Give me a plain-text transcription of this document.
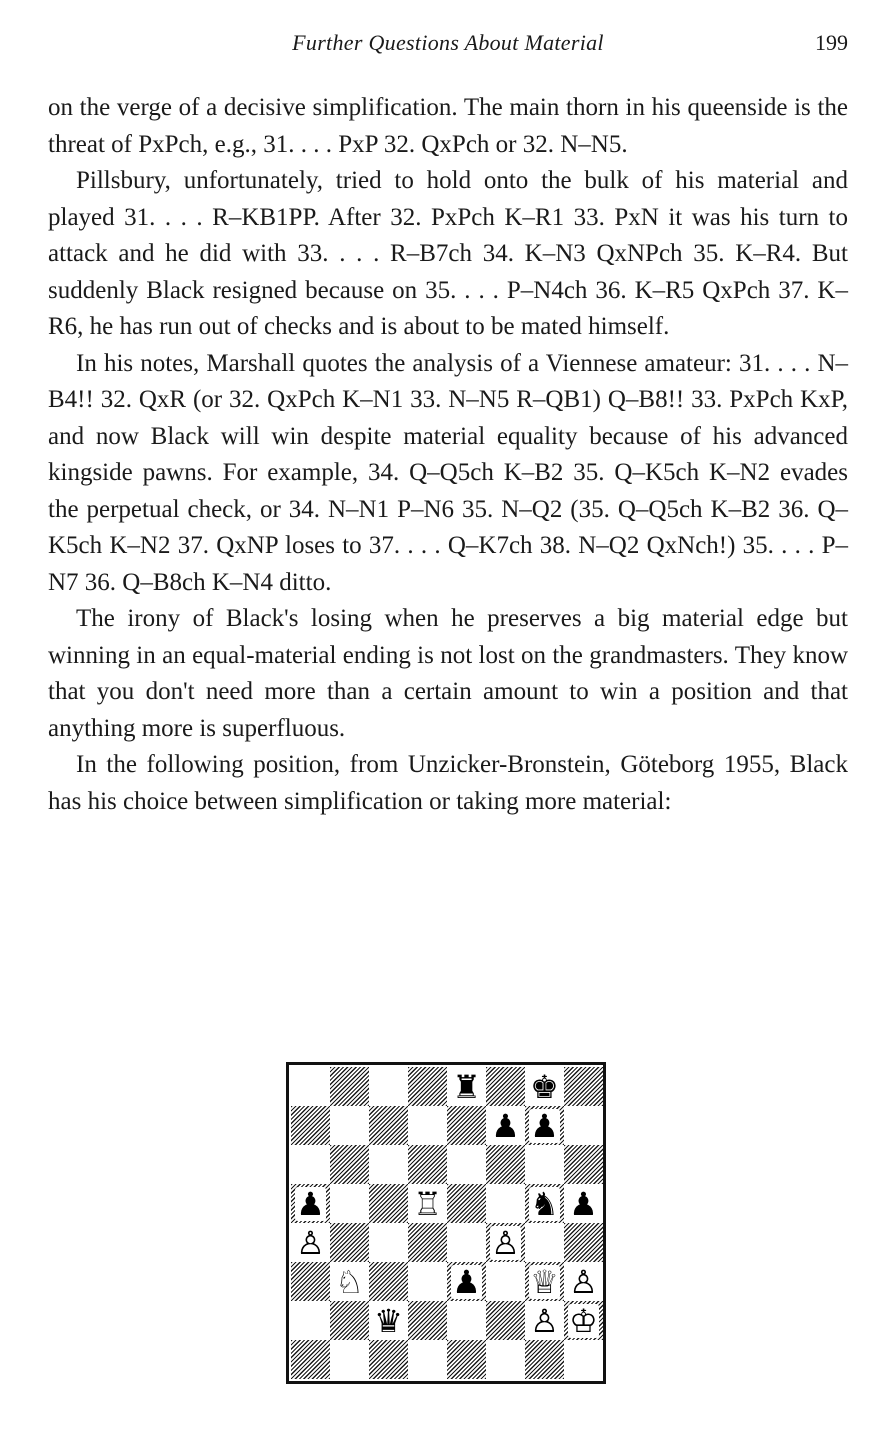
Further Questions About Material	199

on the verge of a decisive simplification. The main thorn in his queenside is the threat of PxPch, e.g., 31. . . . PxP 32. QxPch or 32. N–N5.

Pillsbury, unfortunately, tried to hold onto the bulk of his material and played 31. . . . R–KB1PP. After 32. PxPch K–R1 33. PxN it was his turn to attack and he did with 33. . . . R–B7ch 34. K–N3 QxNPch 35. K–R4. But suddenly Black resigned because on 35. . . . P–N4ch 36. K–R5 QxPch 37. K–R6, he has run out of checks and is about to be mated himself.

In his notes, Marshall quotes the analysis of a Viennese amateur: 31. . . . N–B4!! 32. QxR (or 32. QxPch K–N1 33. N–N5 R–QB1) Q–B8!! 33. PxPch KxP, and now Black will win despite material equality because of his advanced kingside pawns. For example, 34. Q–Q5ch K–B2 35. Q–K5ch K–N2 evades the perpetual check, or 34. N–N1 P–N6 35. N–Q2 (35. Q–Q5ch K–B2 36. Q–K5ch K–N2 37. QxNP loses to 37. . . . Q–K7ch 38. N–Q2 QxNch!) 35. . . . P–N7 36. Q–B8ch K–N4 ditto.

The irony of Black's losing when he preserves a big material edge but winning in an equal-material ending is not lost on the grandmasters. They know that you don't need more than a certain amount to win a position and that anything more is superfluous.

In the following position, from Unzicker-Bronstein, Göteborg 1955, Black has his choice between simplification or taking more material:

♜ ♚
♟ ♟
♟	♖	♞ ♟
♙	♙
♘	♟ ♕ ♙
♛	♙ ♔
